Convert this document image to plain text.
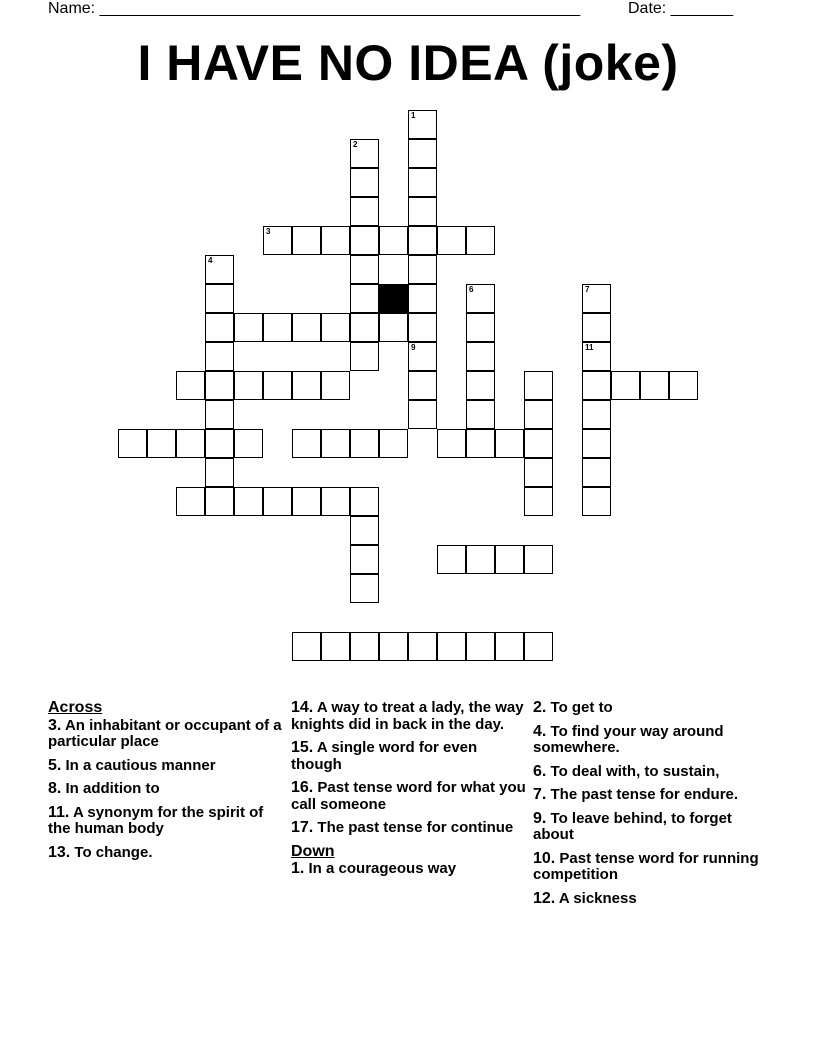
Name: ______________________________________________________	Date: _______
I HAVE NO IDEA (joke)
1
9
2
3
4
6	7
11
Across
3. An inhabitant or occupant of a particular place
5. In a cautious manner
8. In addition to
11. A synonym for the spirit of the human body
13. To change.
14. A way to treat a lady, the way knights did in back in the day.
15. A single word for even though
16. Past tense word for what you call someone
17. The past tense for continue
Down
1. In a courageous way
2. To get to
4. To find your way around somewhere.
6. To deal with, to sustain,
7. The past tense for endure.
9. To leave behind, to forget about
10. Past tense word for running competition
12. A sickness
